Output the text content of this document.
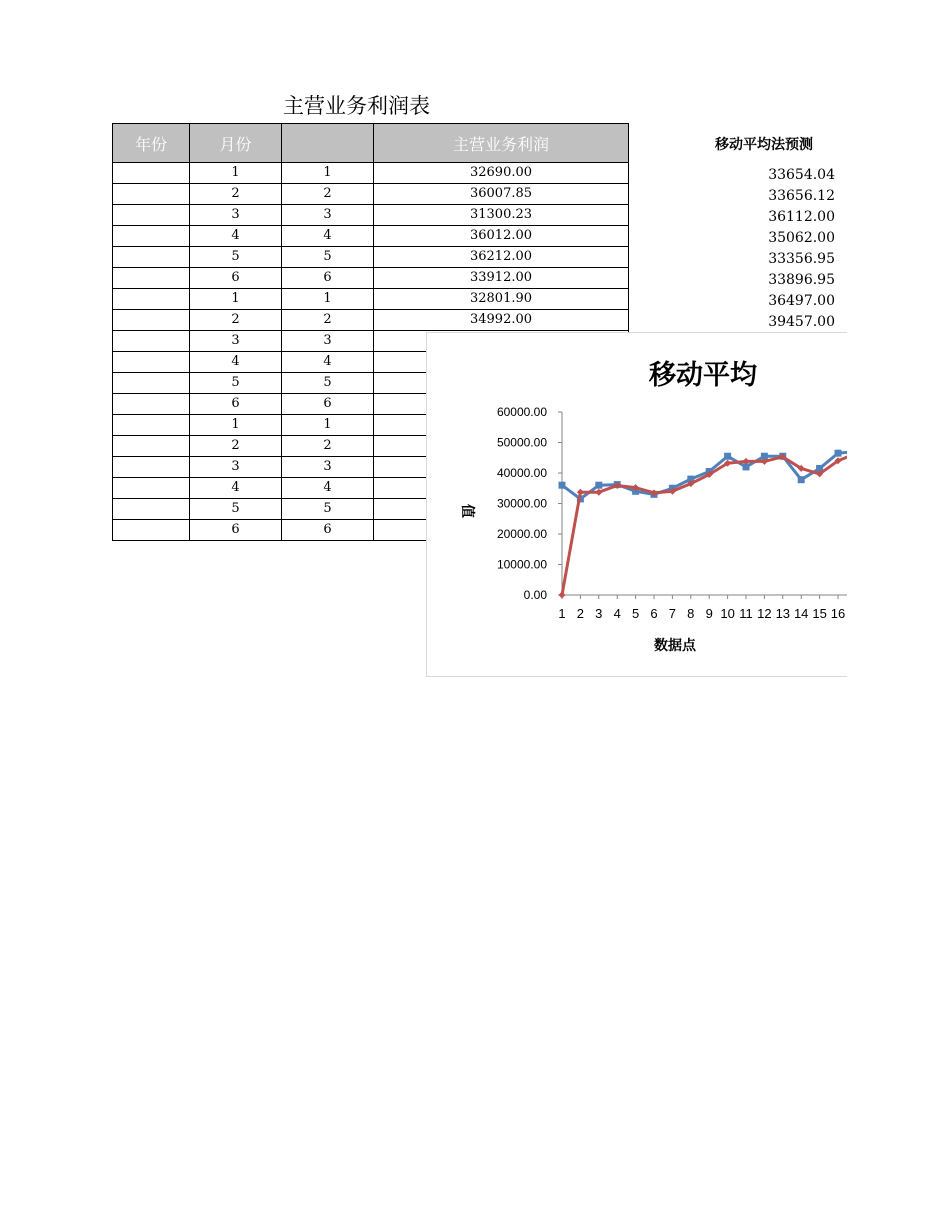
主营业务利润表
年份	月份		主营业务利润
	1	1	32690.00
	2	2	36007.85
	3	3	31300.23
	4	4	36012.00
	5	5	36212.00
	6	6	33912.00
	1	1	32801.90
	2	2	34992.00
	3	3	
	4	4	
	5	5	
	6	6	
	1	1	
	2	2	
	3	3	
	4	4	
	5	5	
	6	6	
移动平均法预测
33654.04
33656.12
36112.00
35062.00
33356.95
33896.95
36497.00
39457.00
移动平均
0.00
10000.00
20000.00
30000.00
40000.00
50000.00
60000.00
1 2 3 4 5 6 7 8 9 10 11 12 13 14 15 16
数据点
值
